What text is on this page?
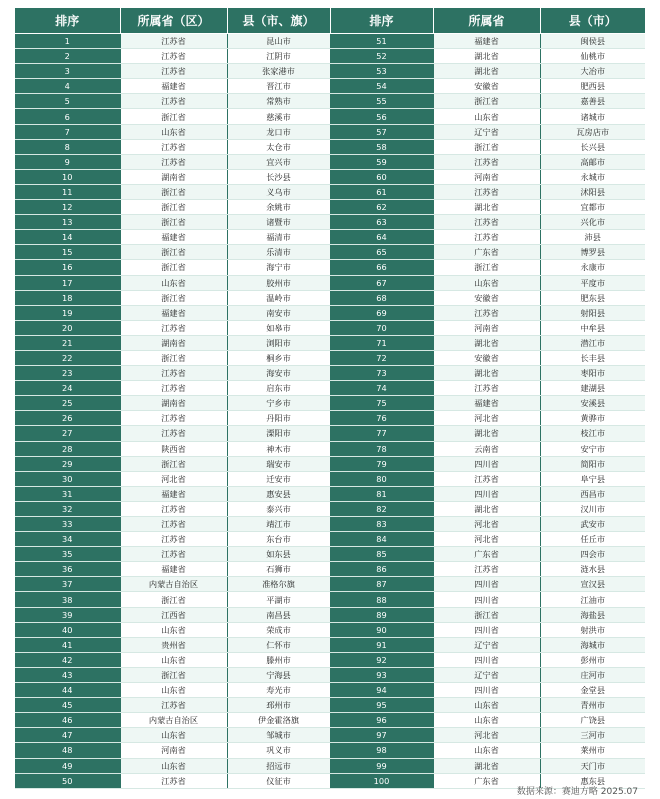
排序	所属省（区）	县（市、旗）	排序	所属省	县（市）
1	江苏省	昆山市	51	福建省	闽侯县
2	江苏省	江阴市	52	湖北省	仙桃市
3	江苏省	张家港市	53	湖北省	大冶市
4	福建省	晋江市	54	安徽省	肥西县
5	江苏省	常熟市	55	浙江省	嘉善县
6	浙江省	慈溪市	56	山东省	诸城市
7	山东省	龙口市	57	辽宁省	瓦房店市
8	江苏省	太仓市	58	浙江省	长兴县
9	江苏省	宜兴市	59	江苏省	高邮市
10	湖南省	长沙县	60	河南省	永城市
11	浙江省	义乌市	61	江苏省	沭阳县
12	浙江省	余姚市	62	湖北省	宜都市
13	浙江省	诸暨市	63	江苏省	兴化市
14	福建省	福清市	64	江苏省	沛县
15	浙江省	乐清市	65	广东省	博罗县
16	浙江省	海宁市	66	浙江省	永康市
17	山东省	胶州市	67	山东省	平度市
18	浙江省	温岭市	68	安徽省	肥东县
19	福建省	南安市	69	江苏省	射阳县
20	江苏省	如皋市	70	河南省	中牟县
21	湖南省	浏阳市	71	湖北省	潜江市
22	浙江省	桐乡市	72	安徽省	长丰县
23	江苏省	海安市	73	湖北省	枣阳市
24	江苏省	启东市	74	江苏省	建湖县
25	湖南省	宁乡市	75	福建省	安溪县
26	江苏省	丹阳市	76	河北省	黄骅市
27	江苏省	溧阳市	77	湖北省	枝江市
28	陕西省	神木市	78	云南省	安宁市
29	浙江省	瑞安市	79	四川省	简阳市
30	河北省	迁安市	80	江苏省	阜宁县
31	福建省	惠安县	81	四川省	西昌市
32	江苏省	泰兴市	82	湖北省	汉川市
33	江苏省	靖江市	83	河北省	武安市
34	江苏省	东台市	84	河北省	任丘市
35	江苏省	如东县	85	广东省	四会市
36	福建省	石狮市	86	江苏省	涟水县
37	内蒙古自治区	准格尔旗	87	四川省	宣汉县
38	浙江省	平湖市	88	四川省	江油市
39	江西省	南昌县	89	浙江省	海盐县
40	山东省	荣成市	90	四川省	射洪市
41	贵州省	仁怀市	91	辽宁省	海城市
42	山东省	滕州市	92	四川省	彭州市
43	浙江省	宁海县	93	辽宁省	庄河市
44	山东省	寿光市	94	四川省	金堂县
45	江苏省	邳州市	95	山东省	青州市
46	内蒙古自治区	伊金霍洛旗	96	山东省	广饶县
47	山东省	邹城市	97	河北省	三河市
48	河南省	巩义市	98	山东省	莱州市
49	山东省	招远市	99	湖北省	天门市
50	江苏省	仪征市	100	广东省	惠东县
数据来源：赛迪方略 2025.07
